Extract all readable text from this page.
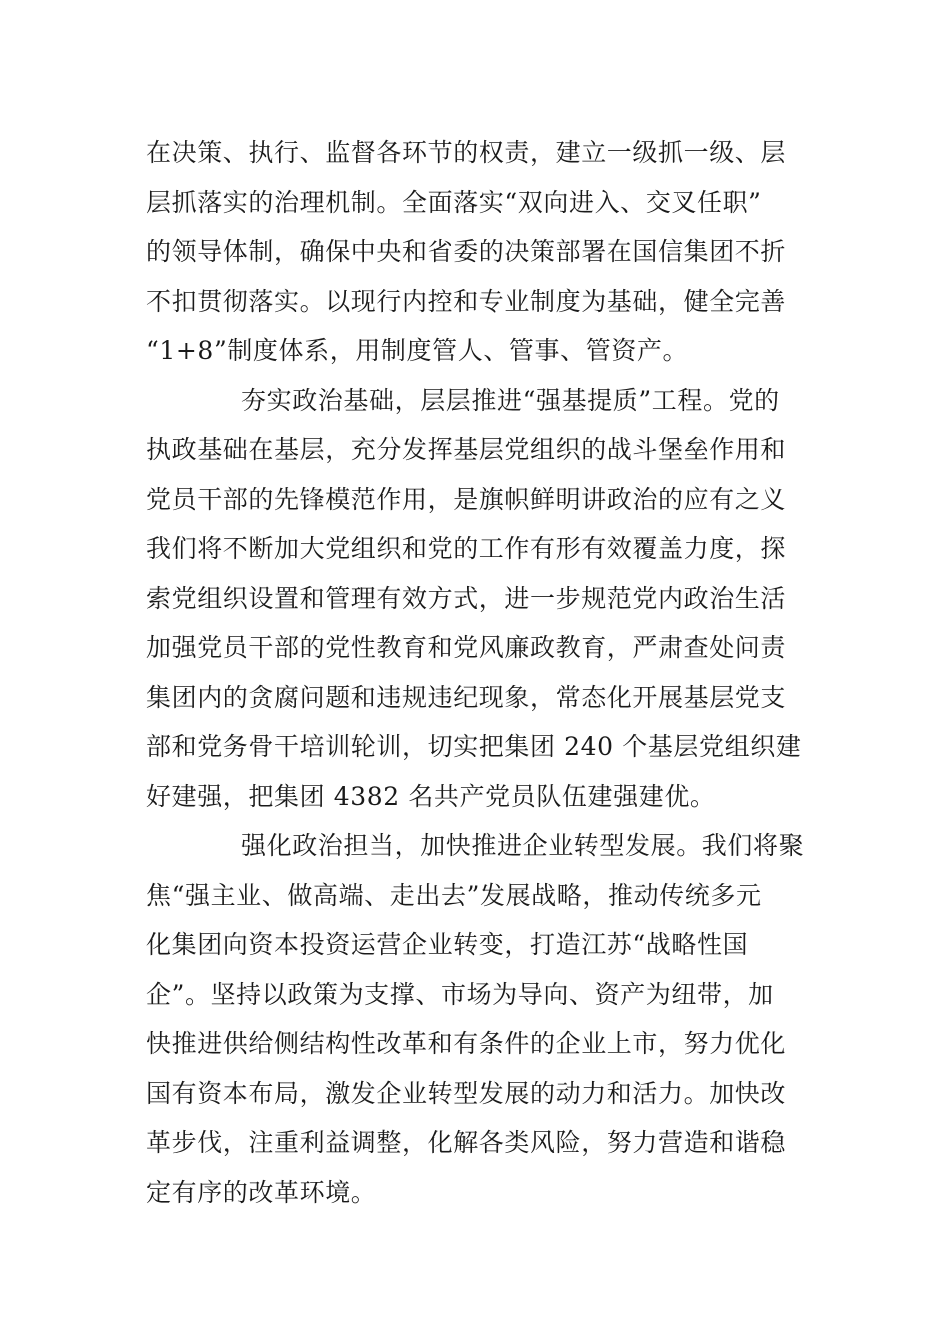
在决策、执行、监督各环节的权责，建立一级抓一级、层
层抓落实的治理机制。全面落实“双向进入、交叉任职”
的领导体制，确保中央和省委的决策部署在国信集团不折
不扣贯彻落实。以现行内控和专业制度为基础，健全完善
“1+8”制度体系，用制度管人、管事、管资产。
夯实政治基础，层层推进“强基提质”工程。党的
执政基础在基层，充分发挥基层党组织的战斗堡垒作用和
党员干部的先锋模范作用，是旗帜鲜明讲政治的应有之义
我们将不断加大党组织和党的工作有形有效覆盖力度，探
索党组织设置和管理有效方式，进一步规范党内政治生活
加强党员干部的党性教育和党风廉政教育，严肃查处问责
集团内的贪腐问题和违规违纪现象，常态化开展基层党支
部和党务骨干培训轮训，切实把集团 240 个基层党组织建
好建强，把集团 4382 名共产党员队伍建强建优。
强化政治担当，加快推进企业转型发展。我们将聚
焦“强主业、做高端、走出去”发展战略，推动传统多元
化集团向资本投资运营企业转变，打造江苏“战略性国
企”。坚持以政策为支撑、市场为导向、资产为纽带，加
快推进供给侧结构性改革和有条件的企业上市，努力优化
国有资本布局，激发企业转型发展的动力和活力。加快改
革步伐，注重利益调整，化解各类风险，努力营造和谐稳
定有序的改革环境。
